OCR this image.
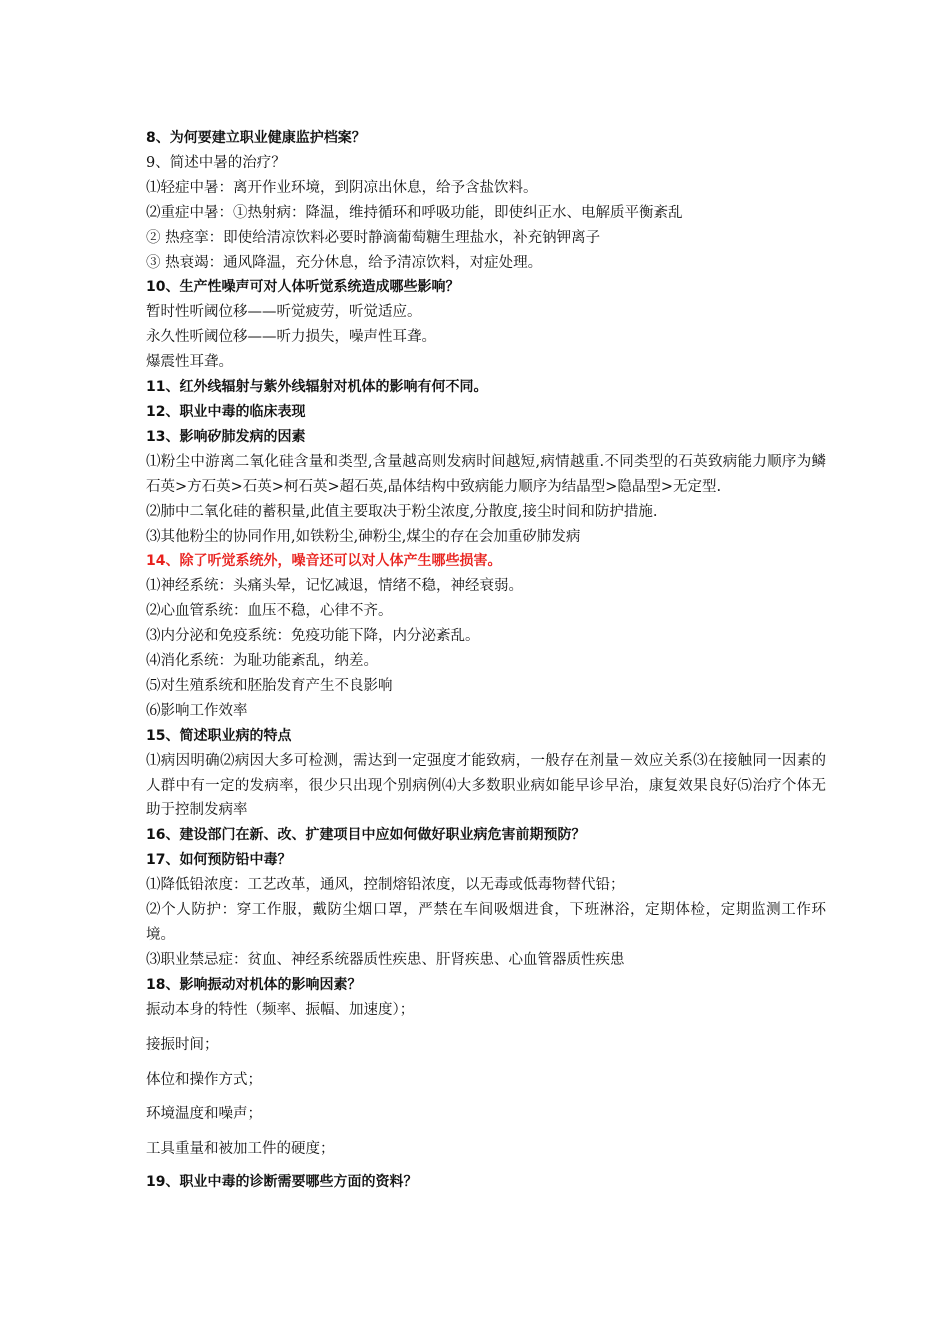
8、为何要建立职业健康监护档案？
9、简述中暑的治疗？
⑴轻症中暑：离开作业环境，到阴凉出休息，给予含盐饮料。
⑵重症中暑：①热射病：降温，维持循环和呼吸功能，即使纠正水、电解质平衡紊乱
② 热痉挛：即使给清凉饮料必要时静滴葡萄糖生理盐水，补充钠钾离子
③ 热衰竭：通风降温，充分休息，给予清凉饮料，对症处理。
10、生产性噪声可对人体听觉系统造成哪些影响？
暂时性听阈位移——听觉疲劳，听觉适应。
永久性听阈位移——听力损失，噪声性耳聋。
爆震性耳聋。
11、红外线辐射与紫外线辐射对机体的影响有何不同。
12、职业中毒的临床表现
13、影响矽肺发病的因素
⑴粉尘中游离二氧化硅含量和类型,含量越高则发病时间越短,病情越重.不同类型的石英致病能力顺序为鳞石英>方石英>石英>柯石英>超石英,晶体结构中致病能力顺序为结晶型>隐晶型>无定型.
⑵肺中二氧化硅的蓄积量,此值主要取决于粉尘浓度,分散度,接尘时间和防护措施.
⑶其他粉尘的协同作用,如铁粉尘,砷粉尘,煤尘的存在会加重矽肺发病
14、除了听觉系统外，噪音还可以对人体产生哪些损害。
⑴神经系统：头痛头晕，记忆减退，情绪不稳，神经衰弱。
⑵心血管系统：血压不稳，心律不齐。
⑶内分泌和免疫系统：免疫功能下降，内分泌紊乱。
⑷消化系统：为耻功能紊乱，纳差。
⑸对生殖系统和胚胎发育产生不良影响
⑹影响工作效率
15、简述职业病的特点
⑴病因明确⑵病因大多可检测，需达到一定强度才能致病，一般存在剂量－效应关系⑶在接触同一因素的人群中有一定的发病率，很少只出现个别病例⑷大多数职业病如能早诊早治，康复效果良好⑸治疗个体无助于控制发病率
16、建设部门在新、改、扩建项目中应如何做好职业病危害前期预防？
17、如何预防铅中毒？
⑴降低铅浓度：工艺改革，通风，控制熔铅浓度，以无毒或低毒物替代铅；
⑵个人防护：穿工作服，戴防尘烟口罩，严禁在车间吸烟进食，下班淋浴，定期体检，定期监测工作环境。
⑶职业禁忌症：贫血、神经系统器质性疾患、肝肾疾患、心血管器质性疾患
18、影响振动对机体的影响因素？
振动本身的特性（频率、振幅、加速度）；
接振时间；
体位和操作方式；
环境温度和噪声；
工具重量和被加工件的硬度；
19、职业中毒的诊断需要哪些方面的资料？
